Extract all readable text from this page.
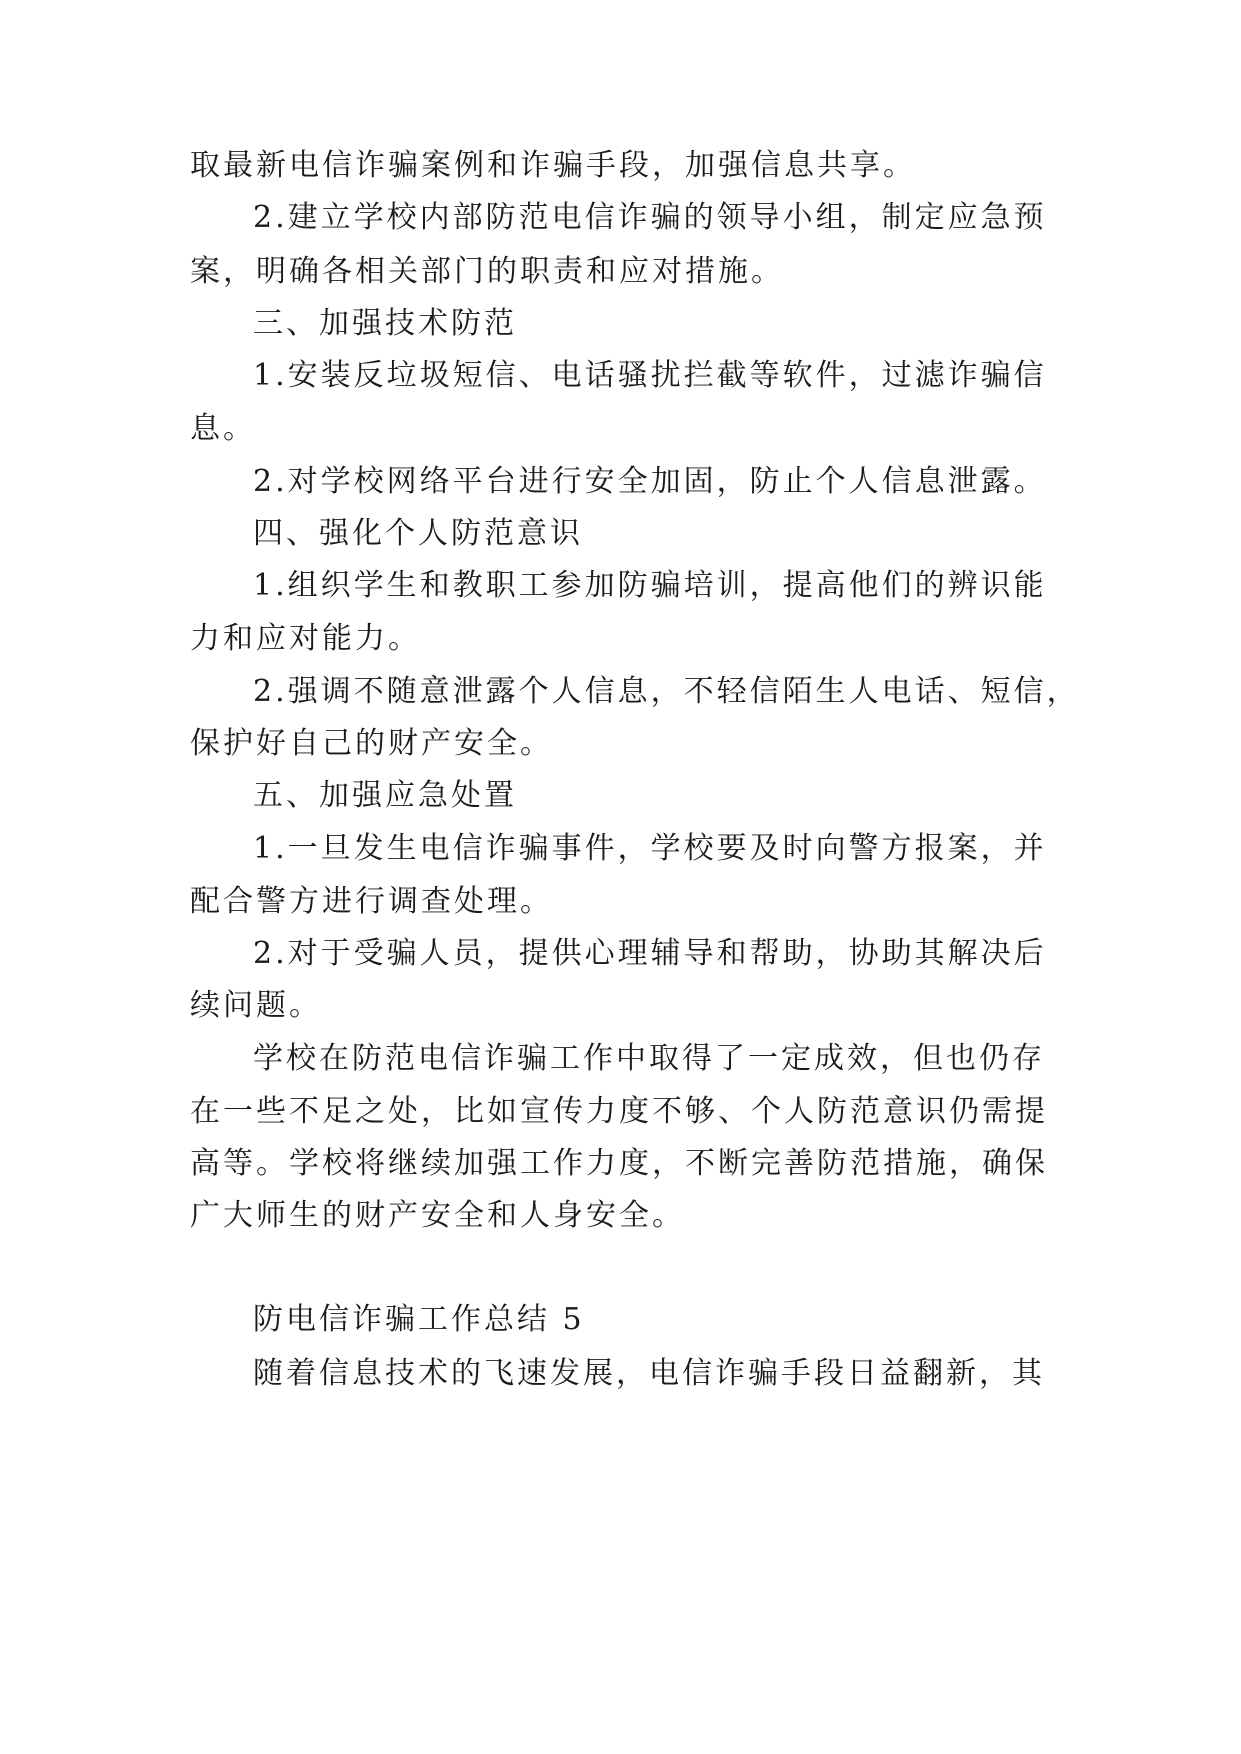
取最新电信诈骗案例和诈骗手段，加强信息共享。
2.建立学校内部防范电信诈骗的领导小组，制定应急预
案，明确各相关部门的职责和应对措施。
三、加强技术防范
1.安装反垃圾短信、电话骚扰拦截等软件，过滤诈骗信
息。
2.对学校网络平台进行安全加固，防止个人信息泄露。
四、强化个人防范意识
1.组织学生和教职工参加防骗培训，提高他们的辨识能
力和应对能力。
2.强调不随意泄露个人信息，不轻信陌生人电话、短信，
保护好自己的财产安全。
五、加强应急处置
1.一旦发生电信诈骗事件，学校要及时向警方报案，并
配合警方进行调查处理。
2.对于受骗人员，提供心理辅导和帮助，协助其解决后
续问题。
学校在防范电信诈骗工作中取得了一定成效，但也仍存
在一些不足之处，比如宣传力度不够、个人防范意识仍需提
高等。学校将继续加强工作力度，不断完善防范措施，确保
广大师生的财产安全和人身安全。
防电信诈骗工作总结 5
随着信息技术的飞速发展，电信诈骗手段日益翻新，其
